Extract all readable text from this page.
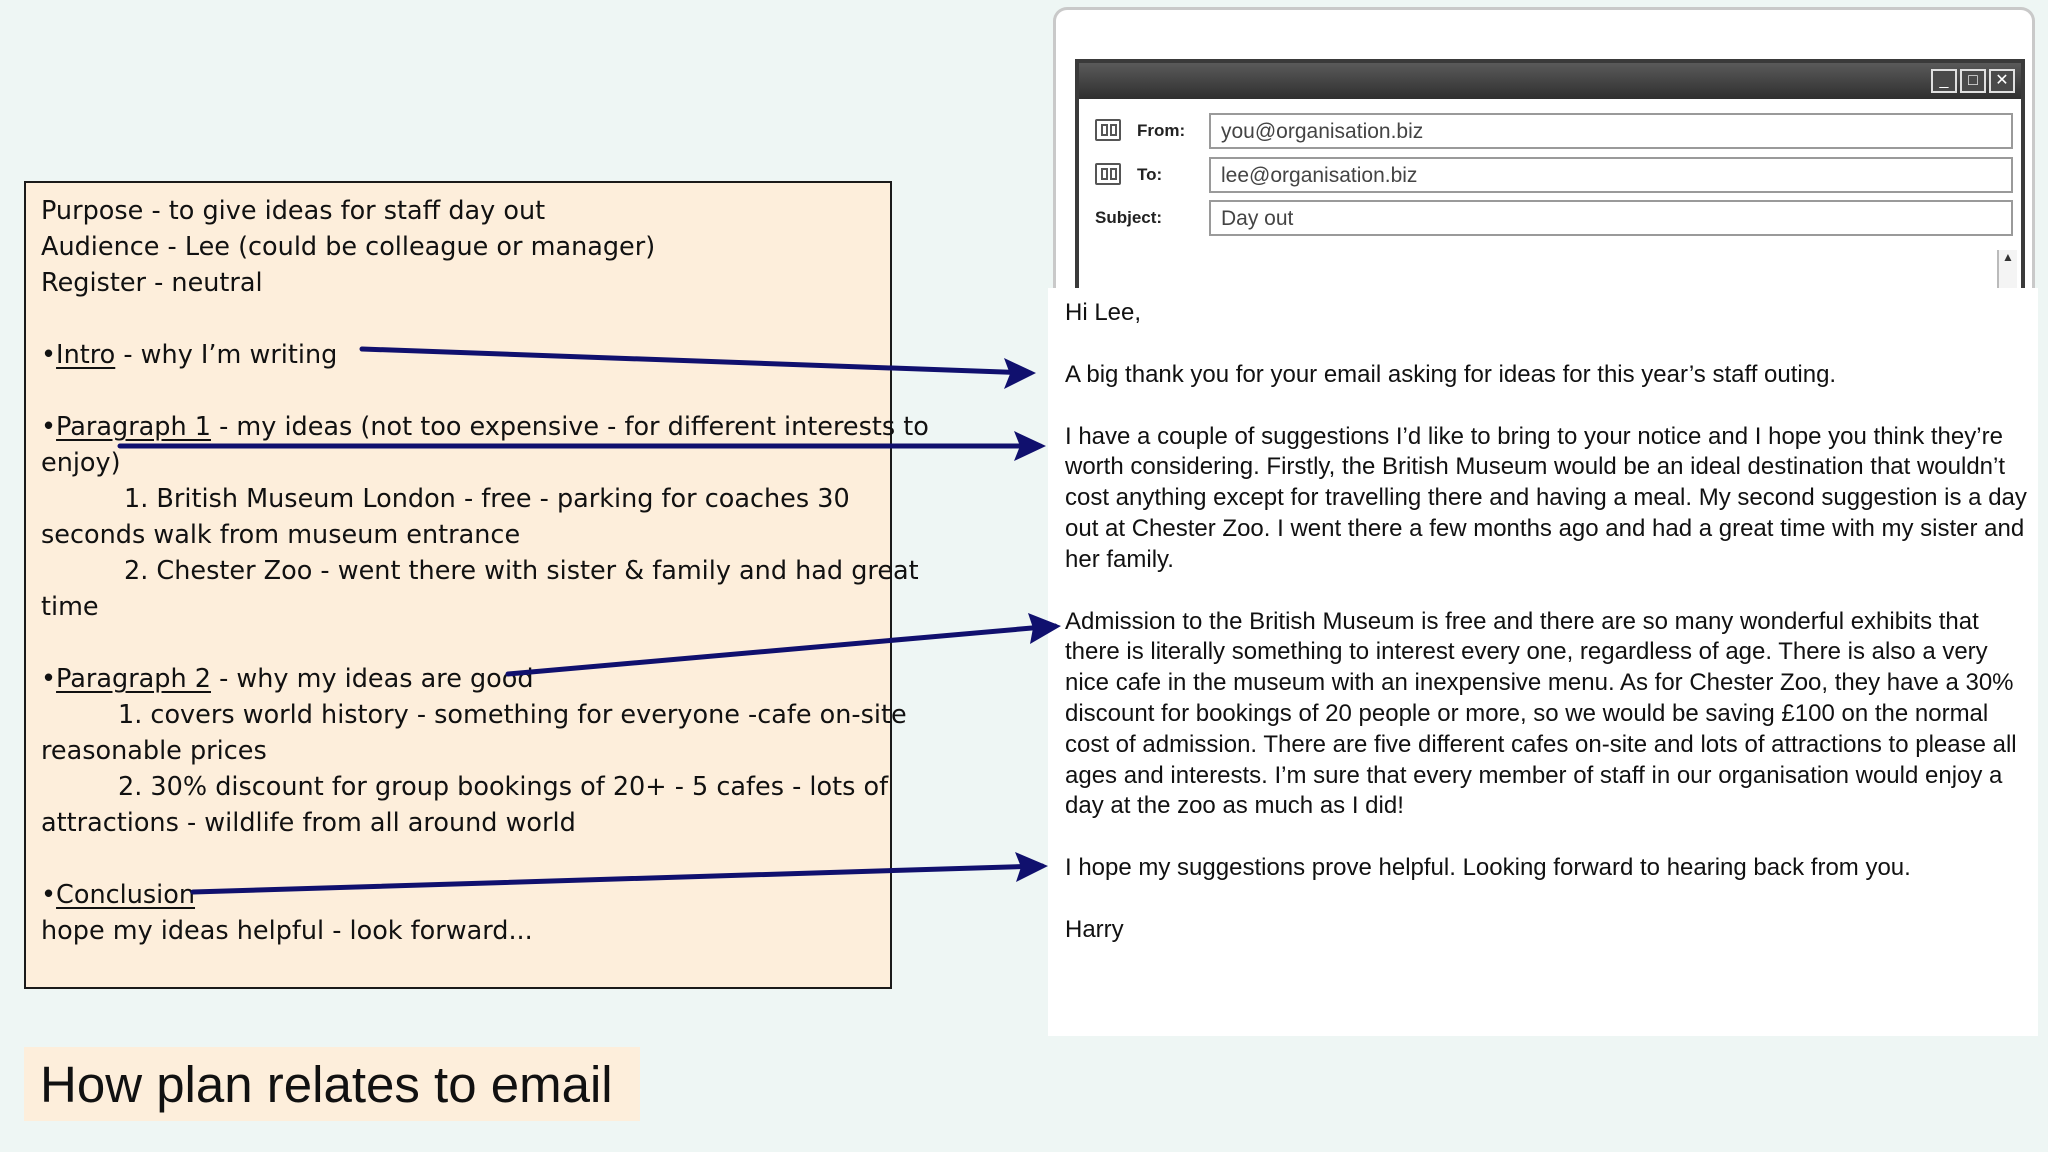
Purpose - to give ideas for staff day out
Audience - Lee (could be colleague or manager)
Register - neutral
•Intro - why I’m writing
•Paragraph 1 - my ideas (not too expensive - for different interests to
enjoy)
1. British Museum London - free - parking for coaches 30
seconds walk from museum entrance
2. Chester Zoo - went there with sister & family and had great
time
•Paragraph 2 - why my ideas are good
1. covers world history - something for everyone -cafe on-site
reasonable prices
2. 30% discount for group bookings of 20+ - 5 cafes - lots of
attractions - wildlife from all around world
•Conclusion
hope my ideas helpful - look forward...
_	□	✕
From:	you@organisation.biz
To:	lee@organisation.biz
Subject:	Day out
▲

Hi Lee,

A big thank you for your email asking for ideas for this year’s staff outing.

I have a couple of suggestions I’d like to bring to your notice and I hope you think they’re worth considering. Firstly, the British Museum would be an ideal destination that wouldn’t cost anything except for travelling there and having a meal. My second suggestion is a day out at Chester Zoo. I went there a few months ago and had a great time with my sister and her family.

Admission to the British Museum is free and there are so many wonderful exhibits that there is literally something to interest every one, regardless of age. There is also a very nice cafe in the museum with an inexpensive menu. As for Chester Zoo, they have a 30% discount for bookings of 20 people or more, so we would be saving £100 on the normal cost of admission. There are five different cafes on-site and lots of attractions to please all ages and interests. I’m sure that every member of staff in our organisation would enjoy a day at the zoo as much as I did!

I hope my suggestions prove helpful. Looking forward to hearing back from you.

Harry

How plan relates to email
